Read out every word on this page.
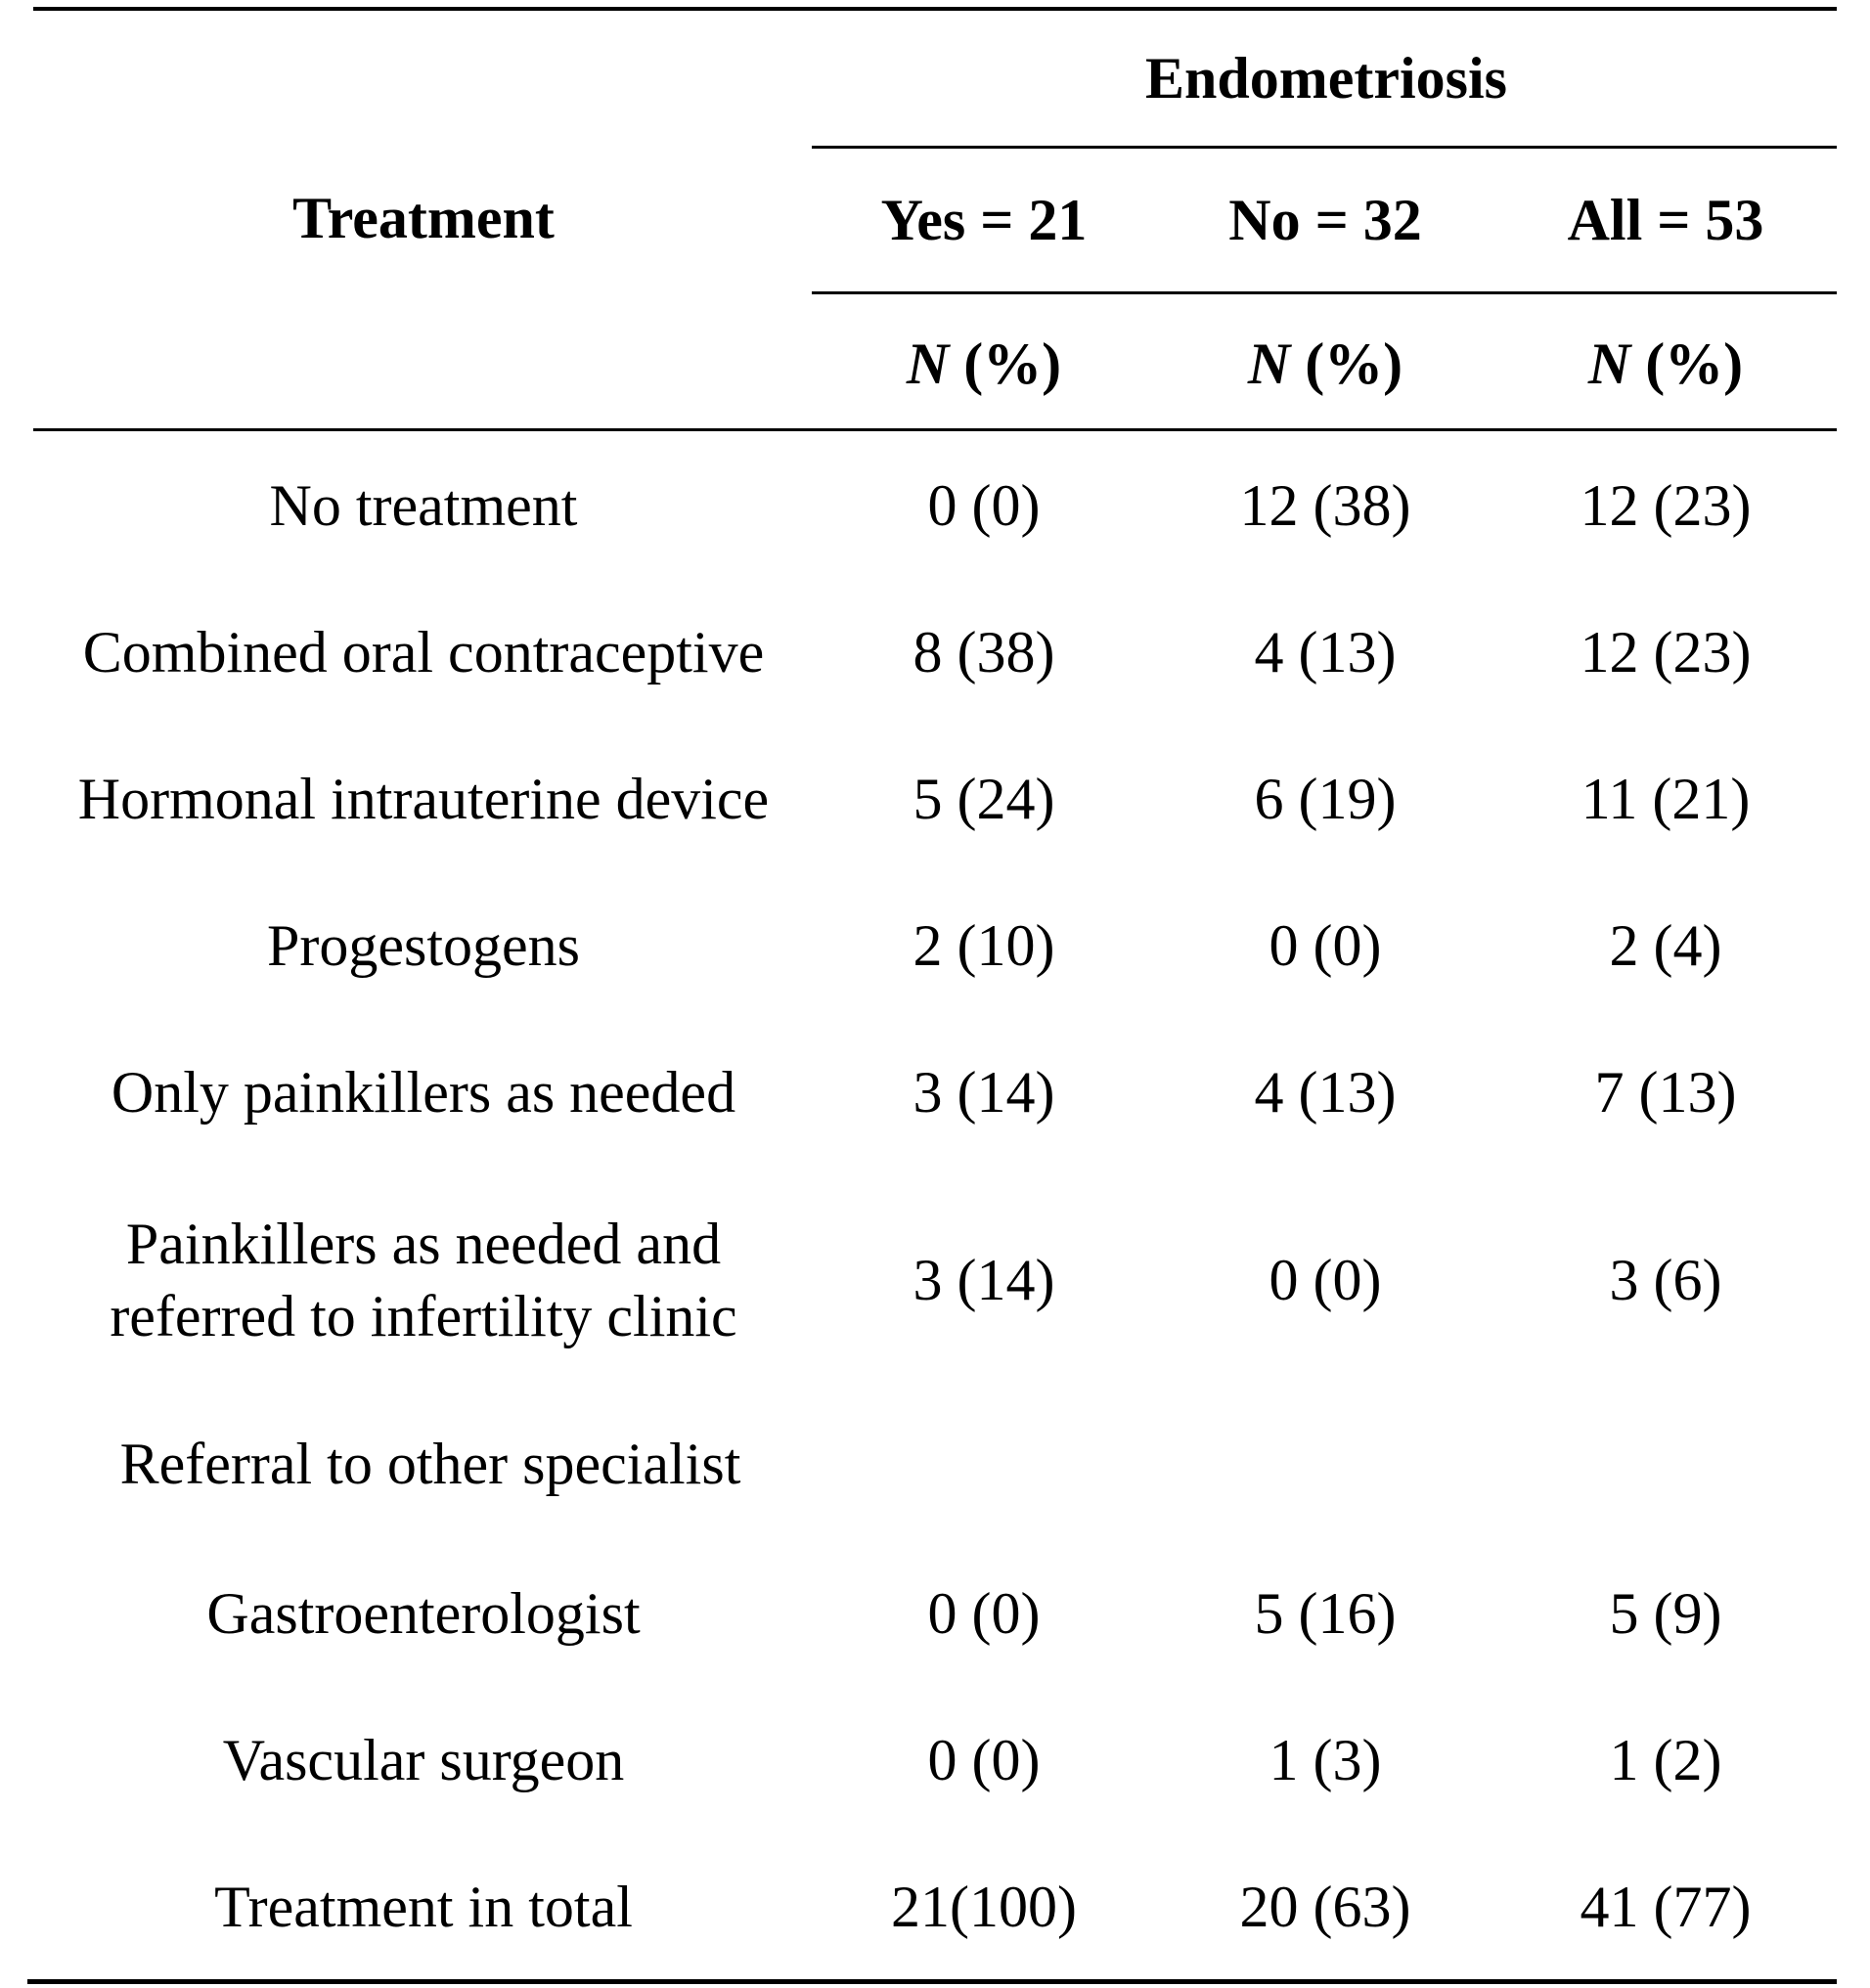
Endometriosis
Treatment	Yes = 21 No = 32 All = 53
N (%)	N (%)	N (%)
No treatment	0 (0)	12 (38)	12 (23)
Combined oral contraceptive	8 (38)	4 (13)	12 (23)
Hormonal intrauterine device 5 (24)	6 (19)	11 (21)
Progestogens	2 (10)	0 (0)	2 (4)
Only painkillers as needed	3 (14)	4 (13)	7 (13)
Painkillers as needed and
referred to infertility clinic
3 (14)	0 (0)	3 (6)
Referral to other specialist
Gastroenterologist	0 (0)	5 (16)	5 (9)
Vascular surgeon	0 (0)	1 (3)	1 (2)
Treatment in total	21(100)	20 (63)	41 (77)
